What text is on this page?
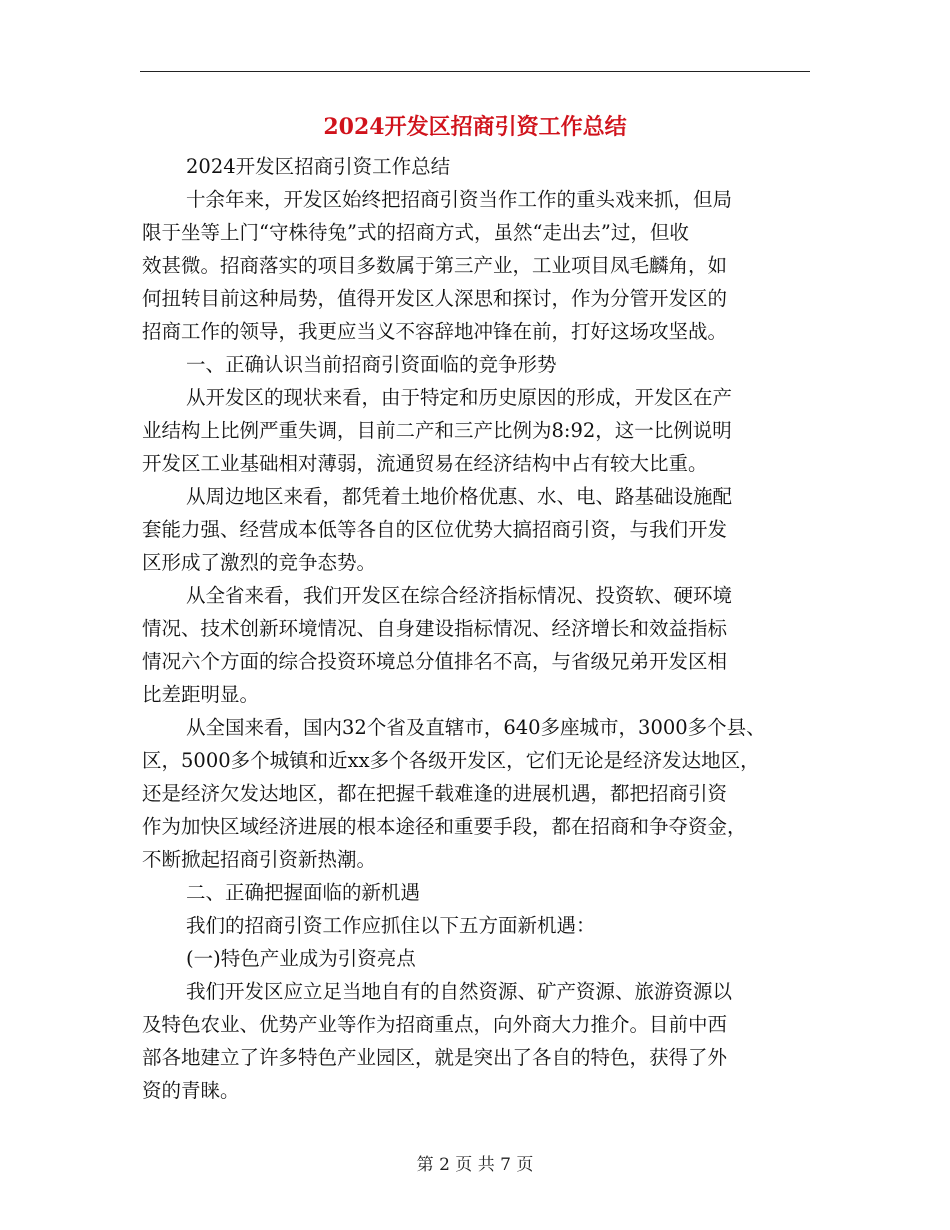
2024开发区招商引资工作总结
2024开发区招商引资工作总结
十余年来，开发区始终把招商引资当作工作的重头戏来抓，但局
限于坐等上门“守株待兔”式的招商方式，虽然“走出去”过，但收
效甚微。招商落实的项目多数属于第三产业，工业项目凤毛麟角，如
何扭转目前这种局势，值得开发区人深思和探讨，作为分管开发区的
招商工作的领导，我更应当义不容辞地冲锋在前，打好这场攻坚战。
一、正确认识当前招商引资面临的竞争形势
从开发区的现状来看，由于特定和历史原因的形成，开发区在产
业结构上比例严重失调，目前二产和三产比例为8:92，这一比例说明
开发区工业基础相对薄弱，流通贸易在经济结构中占有较大比重。
从周边地区来看，都凭着土地价格优惠、水、电、路基础设施配
套能力强、经营成本低等各自的区位优势大搞招商引资，与我们开发
区形成了激烈的竞争态势。
从全省来看，我们开发区在综合经济指标情况、投资软、硬环境
情况、技术创新环境情况、自身建设指标情况、经济增长和效益指标
情况六个方面的综合投资环境总分值排名不高，与省级兄弟开发区相
比差距明显。
从全国来看，国内32个省及直辖市，640多座城市，3000多个县、
区，5000多个城镇和近xx多个各级开发区，它们无论是经济发达地区，
还是经济欠发达地区，都在把握千载难逢的进展机遇，都把招商引资
作为加快区域经济进展的根本途径和重要手段，都在招商和争夺资金，
不断掀起招商引资新热潮。
二、正确把握面临的新机遇
我们的招商引资工作应抓住以下五方面新机遇：
(一)特色产业成为引资亮点
我们开发区应立足当地自有的自然资源、矿产资源、旅游资源以
及特色农业、优势产业等作为招商重点，向外商大力推介。目前中西
部各地建立了许多特色产业园区，就是突出了各自的特色，获得了外
资的青睐。
第 2 页 共 7 页
